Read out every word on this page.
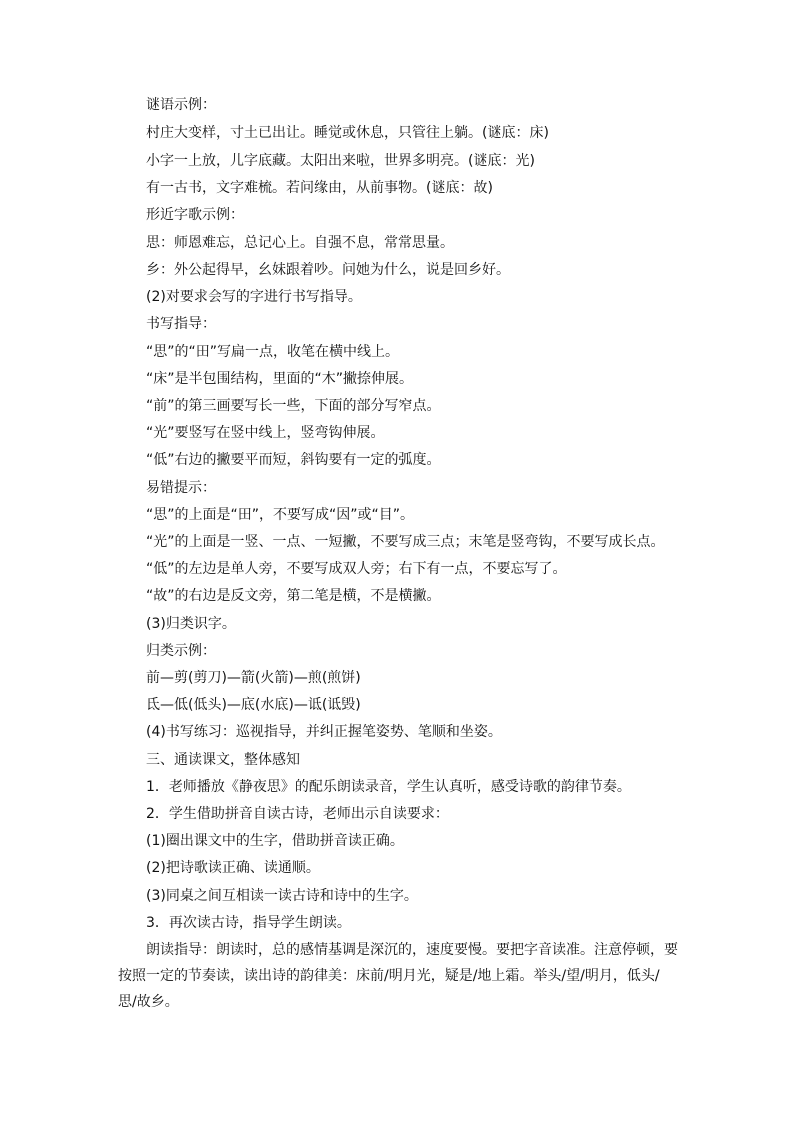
谜语示例：
村庄大变样，寸土已出让。睡觉或休息，只管往上躺。(谜底：床)
小字一上放，儿字底藏。太阳出来啦，世界多明亮。(谜底：光)
有一古书，文字难梳。若问缘由，从前事物。(谜底：故)
形近字歌示例：
思：师恩难忘，总记心上。自强不息，常常思量。
乡：外公起得早，幺妹跟着吵。问她为什么，说是回乡好。
(2)对要求会写的字进行书写指导。
书写指导：
“思”的“田”写扁一点，收笔在横中线上。
“床”是半包围结构，里面的“木”撇捺伸展。
“前”的第三画要写长一些，下面的部分写窄点。
“光”要竖写在竖中线上，竖弯钩伸展。
“低”右边的撇要平而短，斜钩要有一定的弧度。
易错提示：
“思”的上面是“田”，不要写成“因”或“目”。
“光”的上面是一竖、一点、一短撇，不要写成三点；末笔是竖弯钩，不要写成长点。
“低”的左边是单人旁，不要写成双人旁；右下有一点，不要忘写了。
“故”的右边是反文旁，第二笔是横，不是横撇。
(3)归类识字。
归类示例：
前—剪(剪刀)—箭(火箭)—煎(煎饼)
氐—低(低头)—底(水底)—诋(诋毁)
(4)书写练习：巡视指导，并纠正握笔姿势、笔顺和坐姿。
三、通读课文，整体感知
1．老师播放《静夜思》的配乐朗读录音，学生认真听，感受诗歌的韵律节奏。
2．学生借助拼音自读古诗，老师出示自读要求：
(1)圈出课文中的生字，借助拼音读正确。
(2)把诗歌读正确、读通顺。
(3)同桌之间互相读一读古诗和诗中的生字。
3．再次读古诗，指导学生朗读。
朗读指导：朗读时，总的感情基调是深沉的，速度要慢。要把字音读准。注意停顿，要按照一定的节奏读，读出诗的韵律美：床前/明月光，疑是/地上霜。举头/望/明月，低头/思/故乡。
